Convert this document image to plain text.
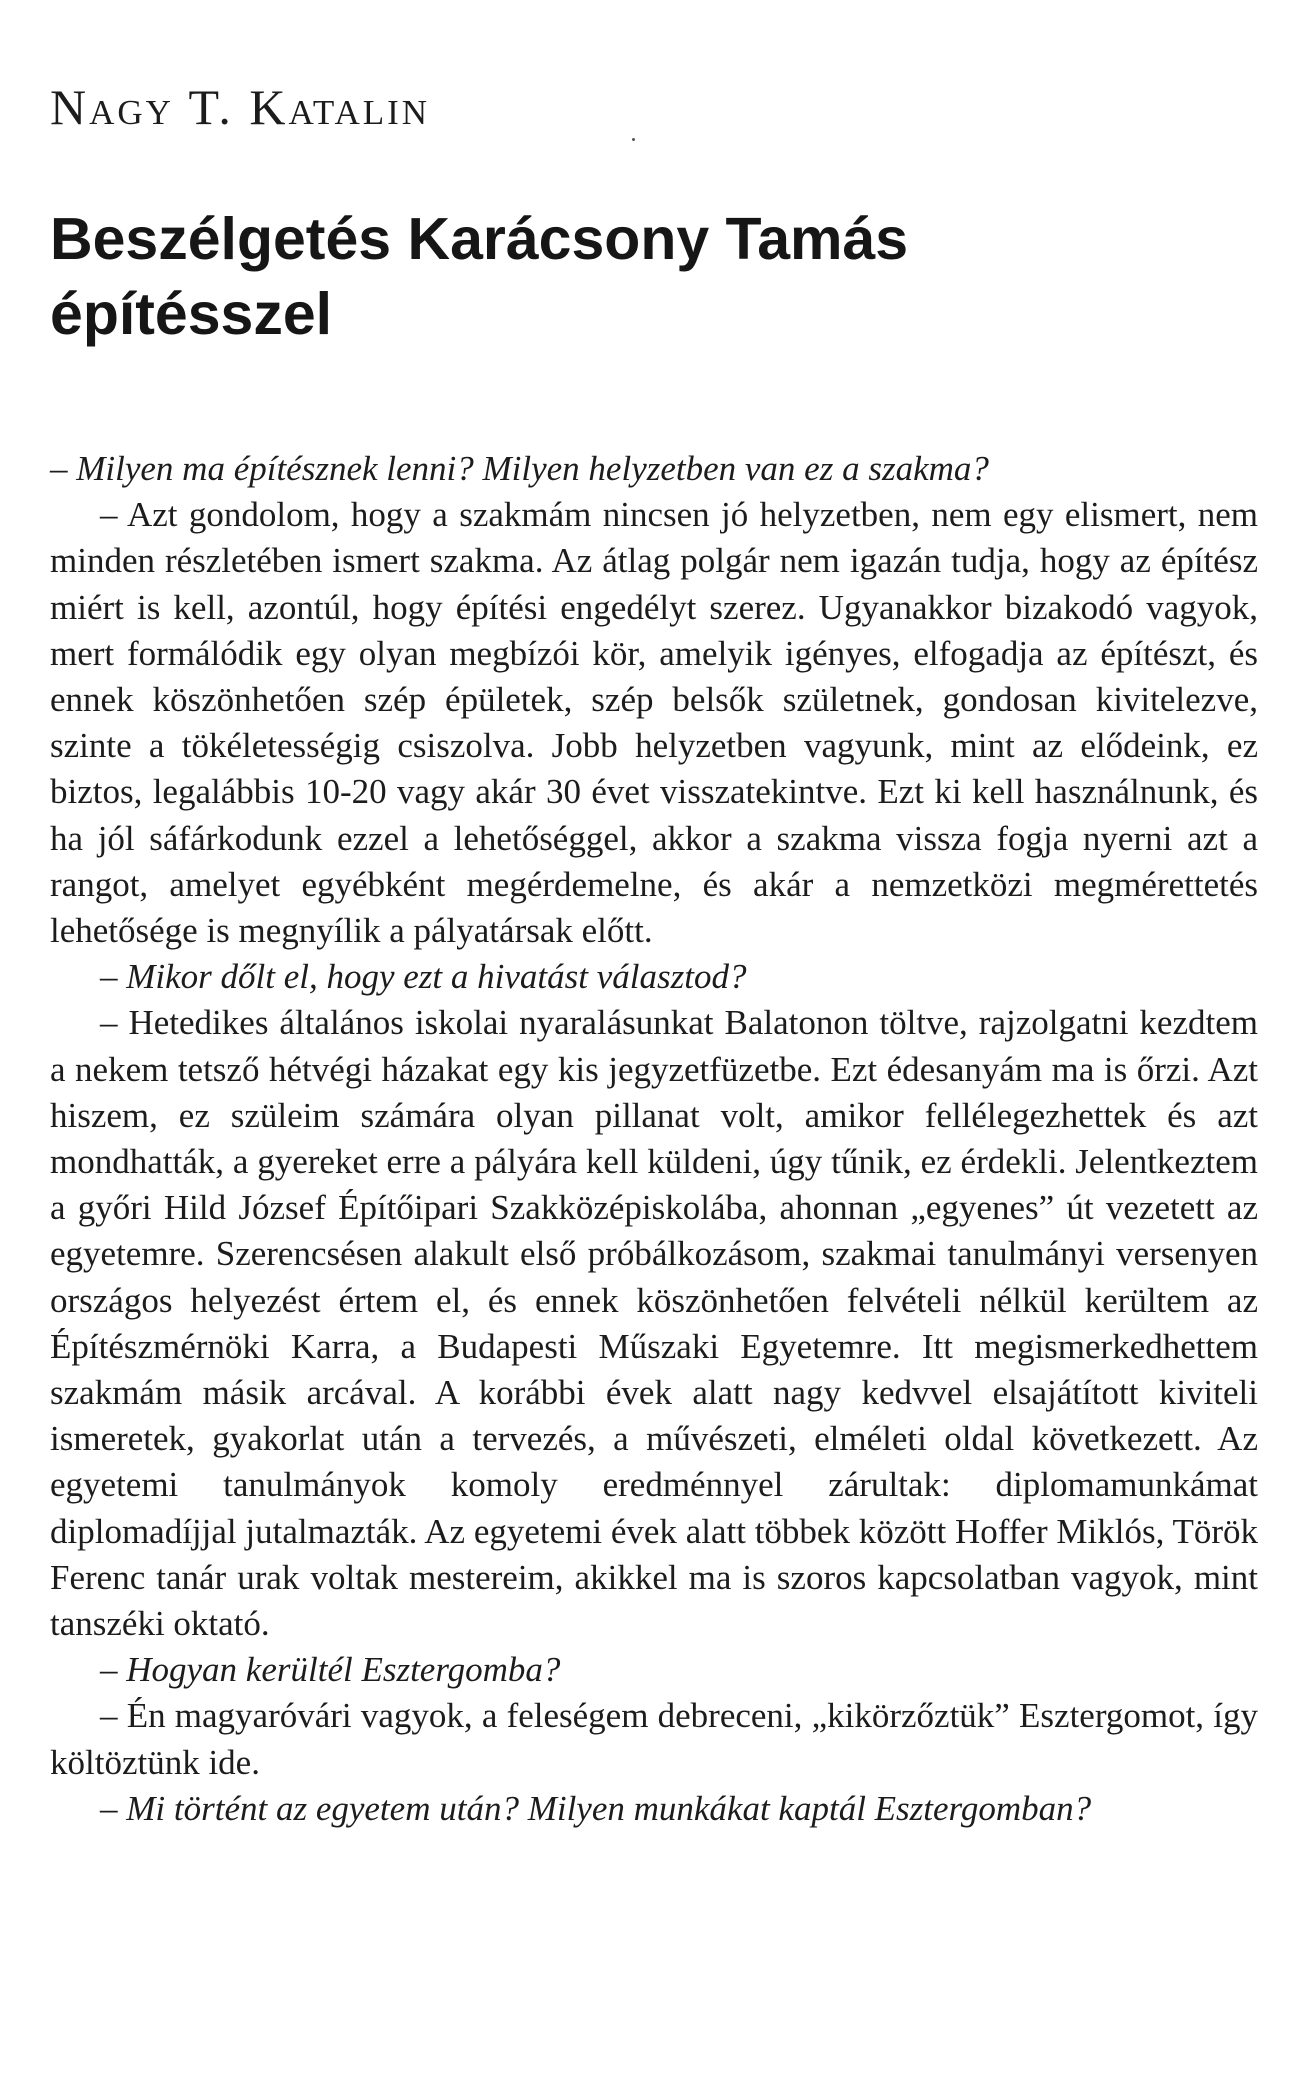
Nagy T. Katalin
Beszélgetés Karácsony Tamás építésszel

– Milyen ma építésznek lenni? Milyen helyzetben van ez a szakma?

– Azt gondolom, hogy a szakmám nincsen jó helyzetben, nem egy elismert, nem minden részletében ismert szakma. Az átlag polgár nem igazán tudja, hogy az építész miért is kell, azontúl, hogy építési engedélyt szerez. Ugyanakkor bizakodó vagyok, mert formálódik egy olyan megbízói kör, amelyik igényes, elfogadja az építészt, és ennek köszönhetően szép épületek, szép belsők születnek, gondosan kivitelezve, szinte a tökéletességig csiszolva. Jobb helyzetben vagyunk, mint az elődeink, ez biztos, legalábbis 10-20 vagy akár 30 évet visszatekintve. Ezt ki kell használnunk, és ha jól sáfárkodunk ezzel a lehetőséggel, akkor a szakma vissza fogja nyerni azt a rangot, amelyet egyébként megérdemelne, és akár a nemzetközi megmérettetés lehetősége is megnyílik a pályatársak előtt.

– Mikor dőlt el, hogy ezt a hivatást választod?

– Hetedikes általános iskolai nyaralásunkat Balatonon töltve, rajzolgatni kezdtem a nekem tetsző hétvégi házakat egy kis jegyzetfüzetbe. Ezt édesanyám ma is őrzi. Azt hiszem, ez szüleim számára olyan pillanat volt, amikor fellélegezhettek és azt mondhatták, a gyereket erre a pályára kell küldeni, úgy tűnik, ez érdekli. Jelentkeztem a győri Hild József Építőipari Szakközépiskolába, ahonnan „egyenes” út vezetett az egyetemre. Szerencsésen alakult első próbálkozásom, szakmai tanulmányi versenyen országos helyezést értem el, és ennek köszönhetően felvételi nélkül kerültem az Építészmérnöki Karra, a Budapesti Műszaki Egyetemre. Itt megismerkedhettem szakmám másik arcával. A korábbi évek alatt nagy kedvvel elsajátított kiviteli ismeretek, gyakorlat után a tervezés, a művészeti, elméleti oldal következett. Az egyetemi tanulmányok komoly eredménnyel zárultak: diplomamunkámat diplomadíjjal jutalmazták. Az egyetemi évek alatt többek között Hoffer Miklós, Török Ferenc tanár urak voltak mestereim, akikkel ma is szoros kapcsolatban vagyok, mint tanszéki oktató.

– Hogyan kerültél Esztergomba?

– Én magyaróvári vagyok, a feleségem debreceni, „kikörzőztük” Esztergomot, így költöztünk ide.

– Mi történt az egyetem után? Milyen munkákat kaptál Esztergomban?
